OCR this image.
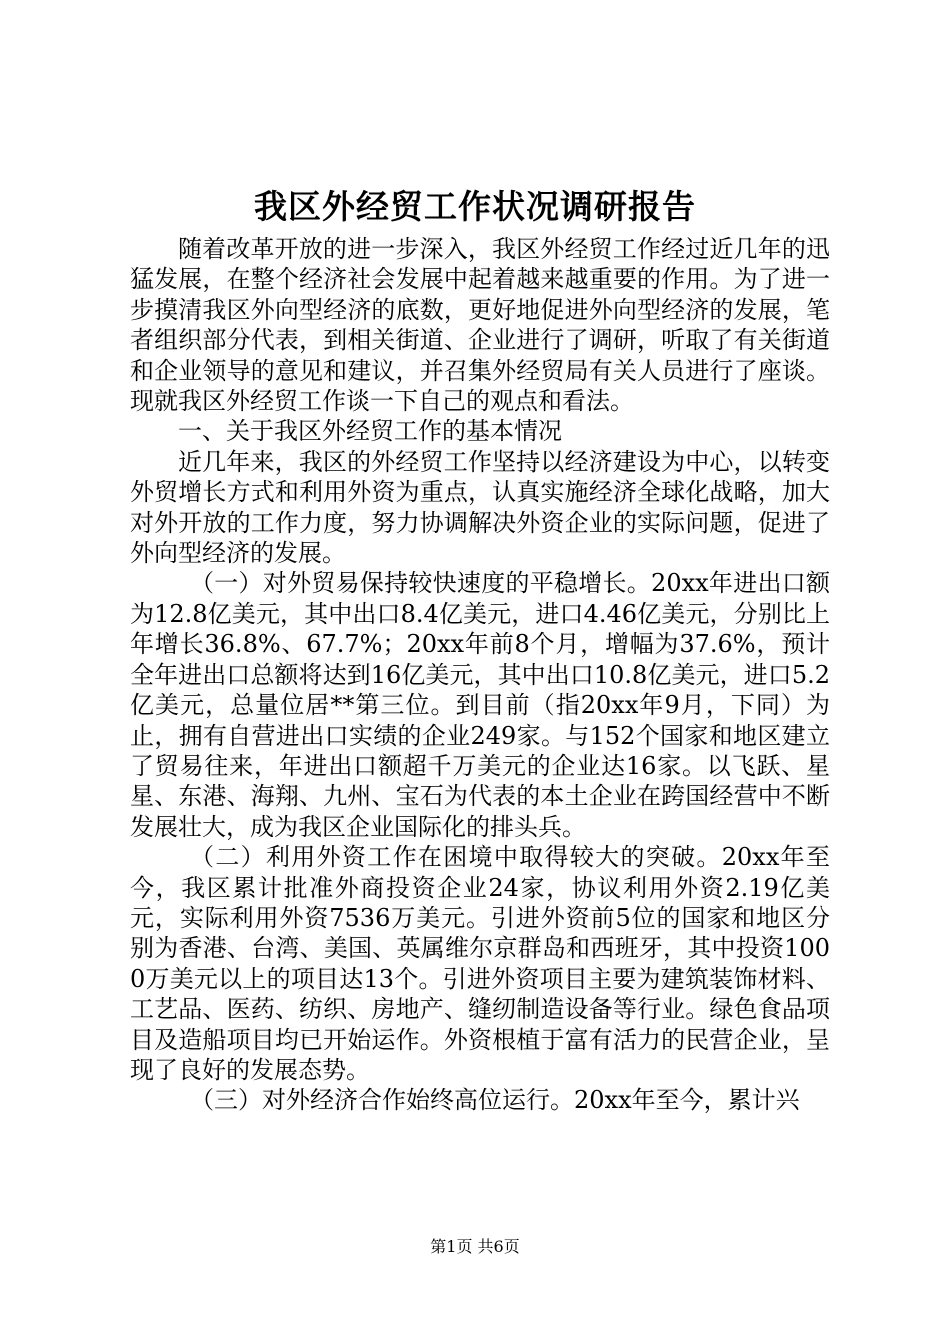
我区外经贸工作状况调研报告

随着改革开放的进一步深入，我区外经贸工作经过近几年的迅猛发展，在整个经济社会发展中起着越来越重要的作用。为了进一步摸清我区外向型经济的底数，更好地促进外向型经济的发展，笔者组织部分代表，到相关街道、企业进行了调研，听取了有关街道和企业领导的意见和建议，并召集外经贸局有关人员进行了座谈。现就我区外经贸工作谈一下自己的观点和看法。

一、关于我区外经贸工作的基本情况

近几年来，我区的外经贸工作坚持以经济建设为中心，以转变外贸增长方式和利用外资为重点，认真实施经济全球化战略，加大对外开放的工作力度，努力协调解决外资企业的实际问题，促进了外向型经济的发展。

（一）对外贸易保持较快速度的平稳增长。20xx年进出口额为12.8亿美元，其中出口8.4亿美元，进口4.46亿美元，分别比上年增长36.8%、67.7%；20xx年前8个月，增幅为37.6%，预计全年进出口总额将达到16亿美元，其中出口10.8亿美元，进口5.2亿美元，总量位居**第三位。到目前（指20xx年9月，下同）为止，拥有自营进出口实绩的企业249家。与152个国家和地区建立了贸易往来，年进出口额超千万美元的企业达16家。以飞跃、星星、东港、海翔、九州、宝石为代表的本土企业在跨国经营中不断发展壮大，成为我区企业国际化的排头兵。

（二）利用外资工作在困境中取得较大的突破。20xx年至今，我区累计批准外商投资企业24家，协议利用外资2.19亿美元，实际利用外资7536万美元。引进外资前5位的国家和地区分别为香港、台湾、美国、英属维尔京群岛和西班牙，其中投资1000万美元以上的项目达13个。引进外资项目主要为建筑装饰材料、工艺品、医药、纺织、房地产、缝纫制造设备等行业。绿色食品项目及造船项目均已开始运作。外资根植于富有活力的民营企业，呈现了良好的发展态势。

（三）对外经济合作始终高位运行。20xx年至今，累计兴

第1页 共6页
